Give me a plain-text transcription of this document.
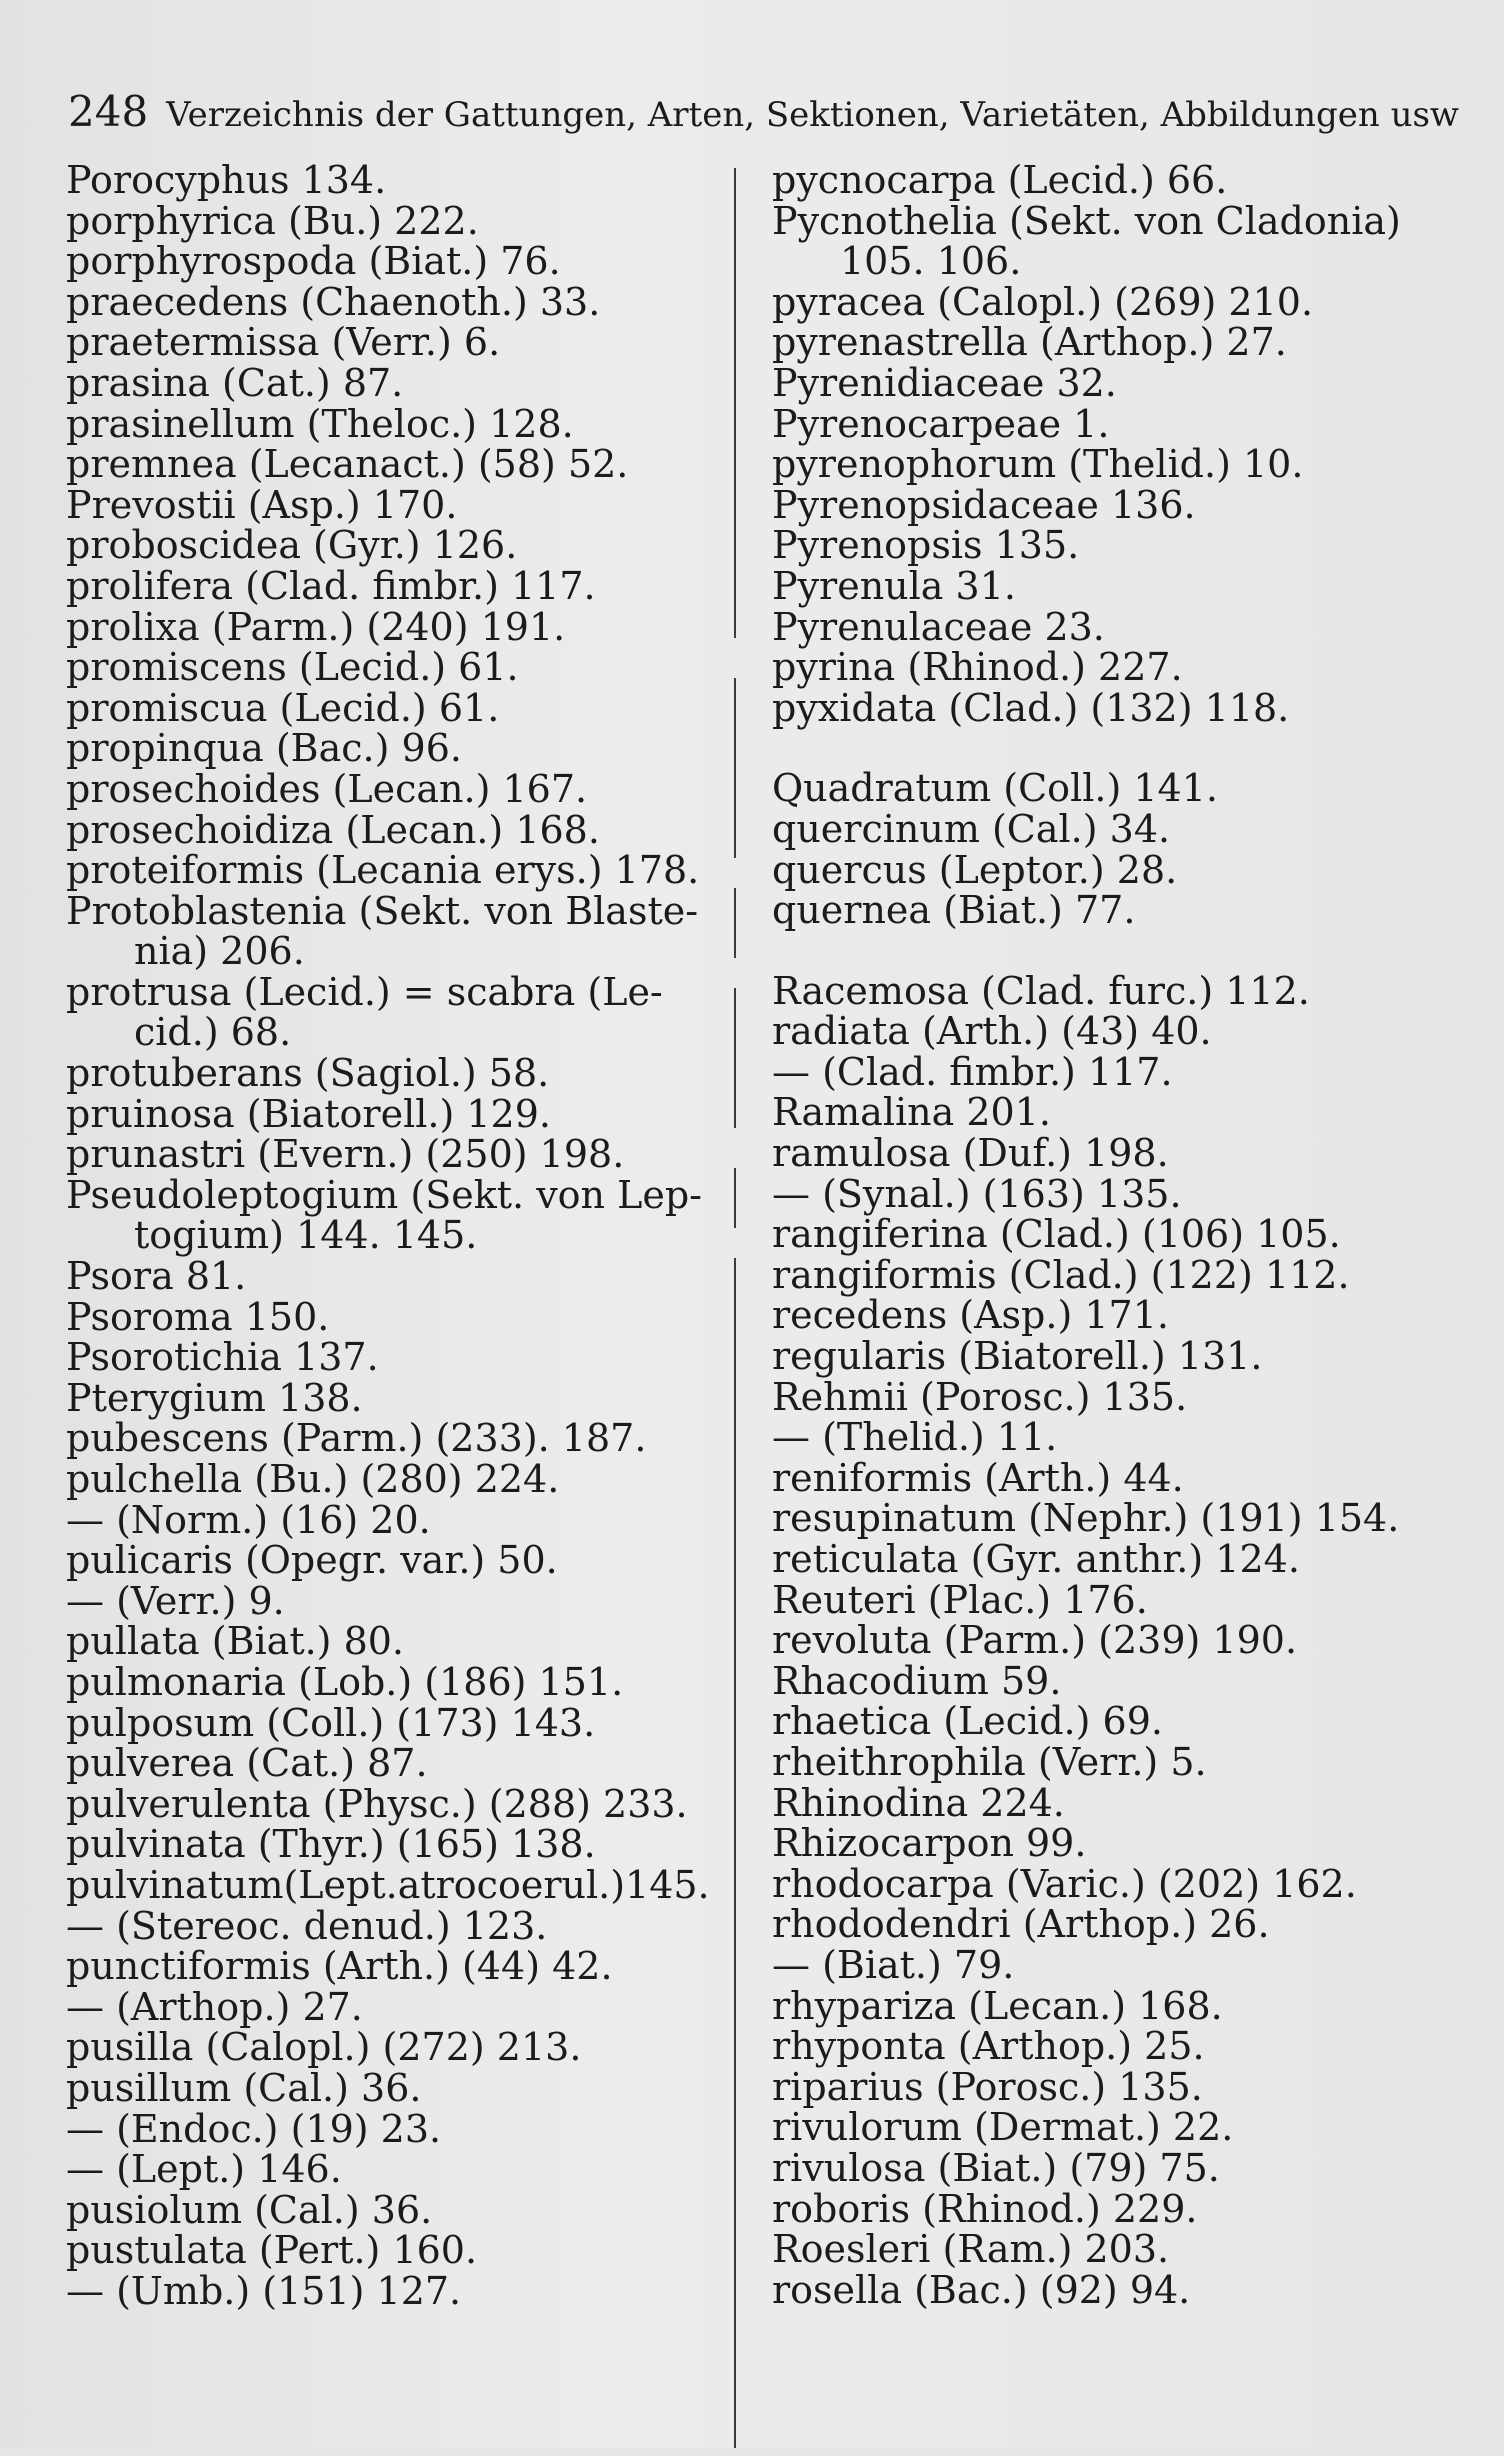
248 Verzeichnis der Gattungen, Arten, Sektionen, Varietäten, Abbildungen usw
Porocyphus 134.
porphyrica (Bu.) 222.
porphyrospoda (Biat.) 76.
praecedens (Chaenoth.) 33.
praetermissa (Verr.) 6.
prasina (Cat.) 87.
prasinellum (Theloc.) 128.
premnea (Lecanact.) (58) 52.
Prevostii (Asp.) 170.
proboscidea (Gyr.) 126.
prolifera (Clad. fimbr.) 117.
prolixa (Parm.) (240) 191.
promiscens (Lecid.) 61.
promiscua (Lecid.) 61.
propinqua (Bac.) 96.
prosechoides (Lecan.) 167.
prosechoidiza (Lecan.) 168.
proteiformis (Lecania erys.) 178.
Protoblastenia (Sekt. von Blaste-
nia) 206.
protrusa (Lecid.) = scabra (Le-
cid.) 68.
protuberans (Sagiol.) 58.
pruinosa (Biatorell.) 129.
prunastri (Evern.) (250) 198.
Pseudoleptogium (Sekt. von Lep-
togium) 144. 145.
Psora 81.
Psoroma 150.
Psorotichia 137.
Pterygium 138.
pubescens (Parm.) (233). 187.
pulchella (Bu.) (280) 224.
— (Norm.) (16) 20.
pulicaris (Opegr. var.) 50.
— (Verr.) 9.
pullata (Biat.) 80.
pulmonaria (Lob.) (186) 151.
pulposum (Coll.) (173) 143.
pulverea (Cat.) 87.
pulverulenta (Physc.) (288) 233.
pulvinata (Thyr.) (165) 138.
pulvinatum(Lept.atrocoerul.)145.
— (Stereoc. denud.) 123.
punctiformis (Arth.) (44) 42.
— (Arthop.) 27.
pusilla (Calopl.) (272) 213.
pusillum (Cal.) 36.
— (Endoc.) (19) 23.
— (Lept.) 146.
pusiolum (Cal.) 36.
pustulata (Pert.) 160.
— (Umb.) (151) 127.
pycnocarpa (Lecid.) 66.
Pycnothelia (Sekt. von Cladonia)
105. 106.
pyracea (Calopl.) (269) 210.
pyrenastrella (Arthop.) 27.
Pyrenidiaceae 32.
Pyrenocarpeae 1.
pyrenophorum (Thelid.) 10.
Pyrenopsidaceae 136.
Pyrenopsis 135.
Pyrenula 31.
Pyrenulaceae 23.
pyrina (Rhinod.) 227.
pyxidata (Clad.) (132) 118.
Quadratum (Coll.) 141.
quercinum (Cal.) 34.
quercus (Leptor.) 28.
quernea (Biat.) 77.
Racemosa (Clad. furc.) 112.
radiata (Arth.) (43) 40.
— (Clad. fimbr.) 117.
Ramalina 201.
ramulosa (Duf.) 198.
— (Synal.) (163) 135.
rangiferina (Clad.) (106) 105.
rangiformis (Clad.) (122) 112.
recedens (Asp.) 171.
regularis (Biatorell.) 131.
Rehmii (Porosc.) 135.
— (Thelid.) 11.
reniformis (Arth.) 44.
resupinatum (Nephr.) (191) 154.
reticulata (Gyr. anthr.) 124.
Reuteri (Plac.) 176.
revoluta (Parm.) (239) 190.
Rhacodium 59.
rhaetica (Lecid.) 69.
rheithrophila (Verr.) 5.
Rhinodina 224.
Rhizocarpon 99.
rhodocarpa (Varic.) (202) 162.
rhododendri (Arthop.) 26.
— (Biat.) 79.
rhypariza (Lecan.) 168.
rhyponta (Arthop.) 25.
riparius (Porosc.) 135.
rivulorum (Dermat.) 22.
rivulosa (Biat.) (79) 75.
roboris (Rhinod.) 229.
Roesleri (Ram.) 203.
rosella (Bac.) (92) 94.
